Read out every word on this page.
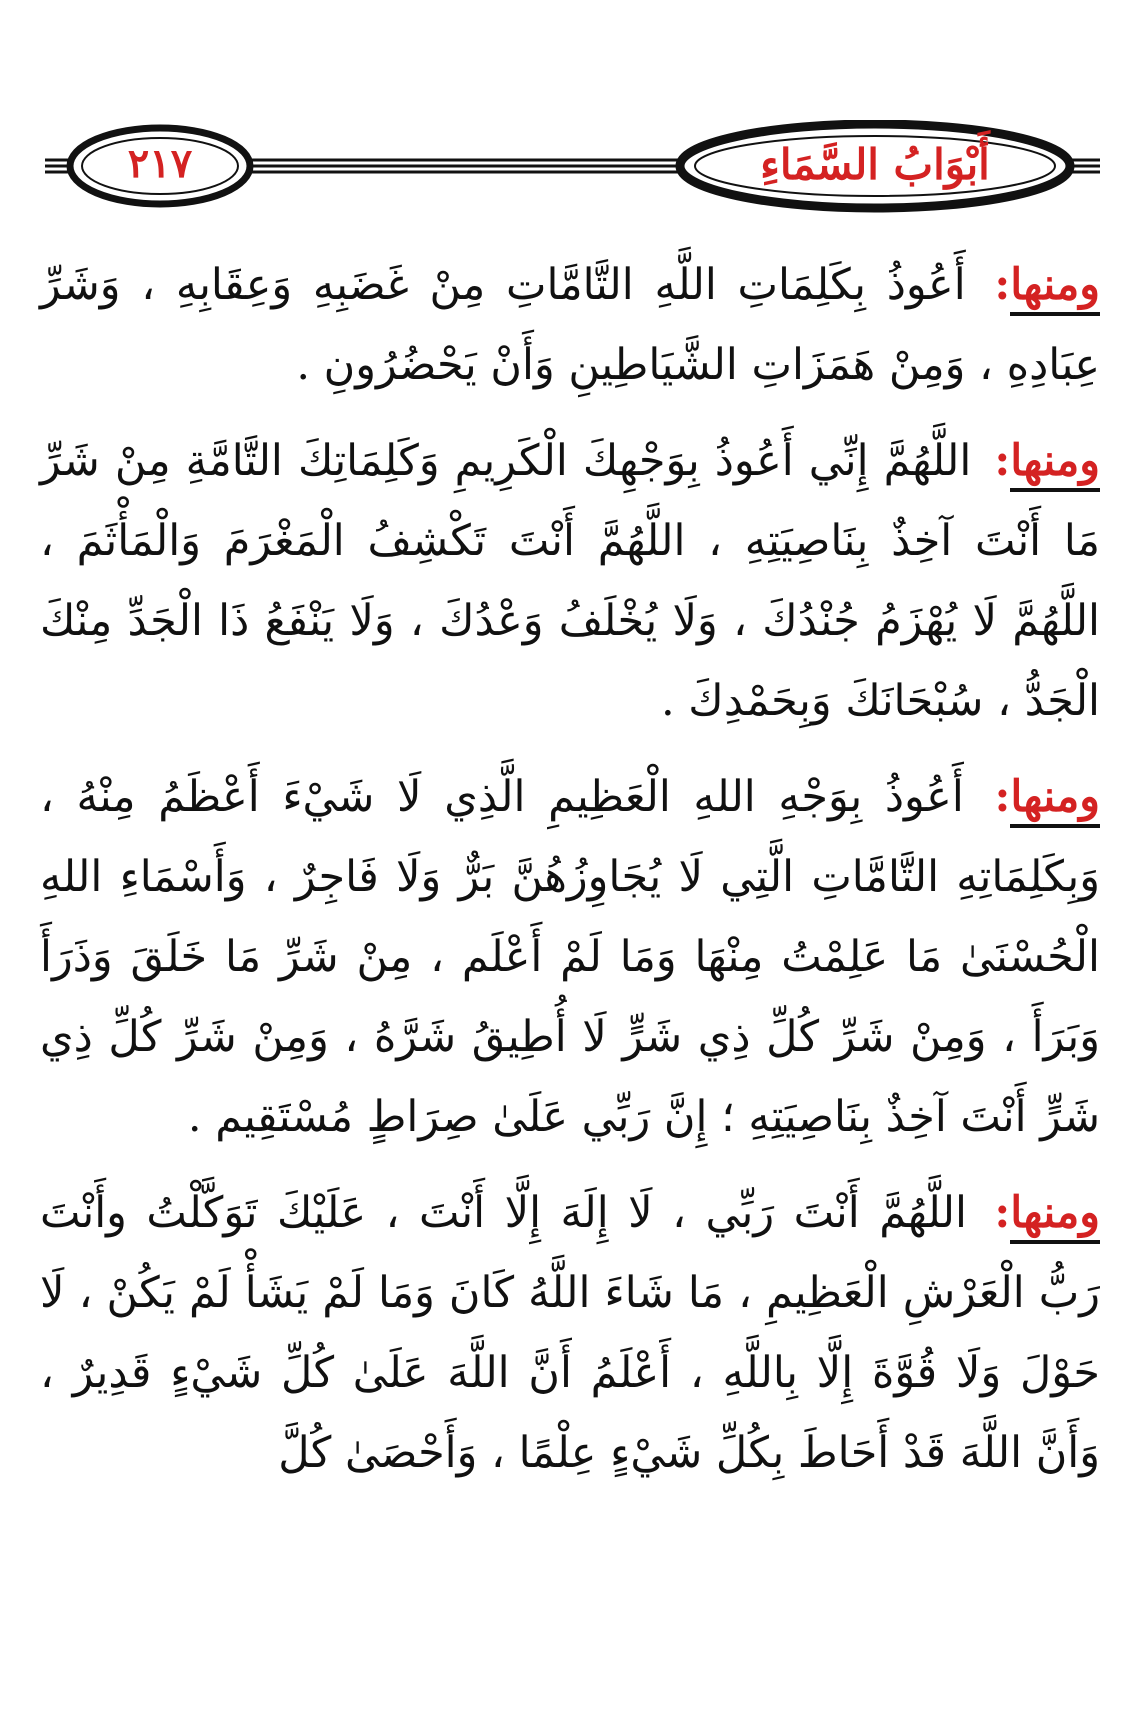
٢١٧	أَبْوَابُ السَّمَاءِ

ومنها: أَعُوذُ بِكَلِمَاتِ اللَّهِ التَّامَّاتِ مِنْ غَضَبِهِ وَعِقَابِهِ ، وَشَرِّ عِبَادِهِ ، وَمِنْ هَمَزَاتِ الشَّيَاطِينِ وَأَنْ يَحْضُرُونِ .

ومنها: اللَّهُمَّ إِنِّي أَعُوذُ بِوَجْهِكَ الْكَرِيمِ وَكَلِمَاتِكَ التَّامَّةِ مِنْ شَرِّ مَا أَنْتَ آخِذٌ بِنَاصِيَتِهِ ، اللَّهُمَّ أَنْتَ تَكْشِفُ الْمَغْرَمَ وَالْمَأْثَمَ ، اللَّهُمَّ لَا يُهْزَمُ جُنْدُكَ ، وَلَا يُخْلَفُ وَعْدُكَ ، وَلَا يَنْفَعُ ذَا الْجَدِّ مِنْكَ الْجَدُّ ، سُبْحَانَكَ وَبِحَمْدِكَ .

ومنها: أَعُوذُ بِوَجْهِ اللهِ الْعَظِيمِ الَّذِي لَا شَيْءَ أَعْظَمُ مِنْهُ ، وَبِكَلِمَاتِهِ التَّامَّاتِ الَّتِي لَا يُجَاوِزُهُنَّ بَرٌّ وَلَا فَاجِرٌ ، وَأَسْمَاءِ اللهِ الْحُسْنَىٰ مَا عَلِمْتُ مِنْهَا وَمَا لَمْ أَعْلَم ، مِنْ شَرِّ مَا خَلَقَ وَذَرَأَ وَبَرَأَ ، وَمِنْ شَرِّ كُلِّ ذِي شَرٍّ لَا أُطِيقُ شَرَّهُ ، وَمِنْ شَرِّ كُلِّ ذِي شَرٍّ أَنْتَ آخِذٌ بِنَاصِيَتِهِ ؛ إِنَّ رَبِّي عَلَىٰ صِرَاطٍ مُسْتَقِيم .

ومنها: اللَّهُمَّ أَنْتَ رَبِّي ، لَا إِلَهَ إِلَّا أَنْتَ ، عَلَيْكَ تَوَكَّلْتُ وأَنْتَ رَبُّ الْعَرْشِ الْعَظِيمِ ، مَا شَاءَ اللَّهُ كَانَ وَمَا لَمْ يَشَأْ لَمْ يَكُنْ ، لَا حَوْلَ وَلَا قُوَّةَ إِلَّا بِاللَّهِ ، أَعْلَمُ أَنَّ اللَّهَ عَلَىٰ كُلِّ شَيْءٍ قَدِيرٌ ، وَأَنَّ اللَّهَ قَدْ أَحَاطَ بِكُلِّ شَيْءٍ عِلْمًا ، وَأَحْصَىٰ كُلَّ
